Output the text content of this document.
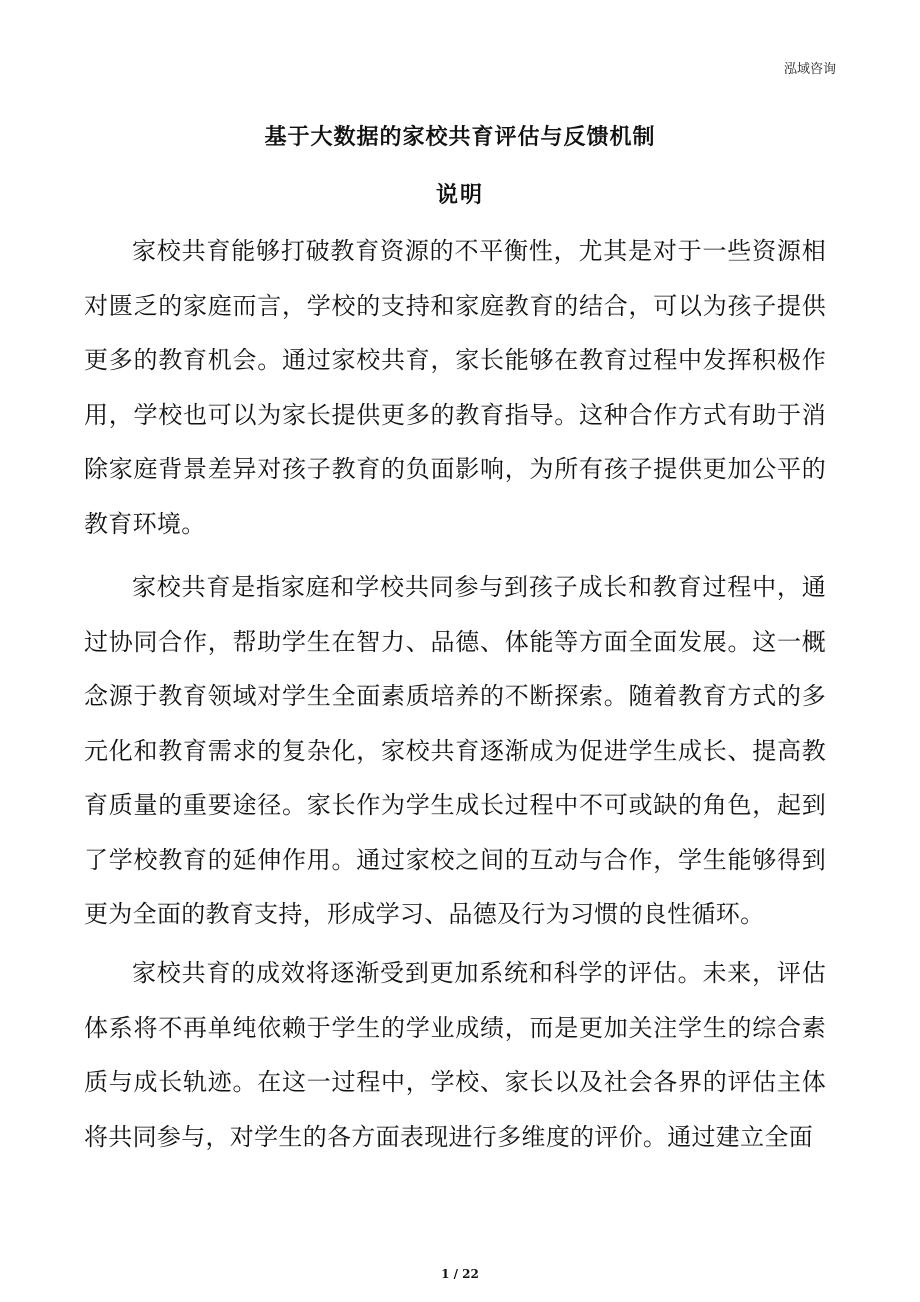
泓域咨询
基于大数据的家校共育评估与反馈机制
说明

家校共育能够打破教育资源的不平衡性，尤其是对于一些资源相对匮乏的家庭而言，学校的支持和家庭教育的结合，可以为孩子提供更多的教育机会。通过家校共育，家长能够在教育过程中发挥积极作用，学校也可以为家长提供更多的教育指导。这种合作方式有助于消除家庭背景差异对孩子教育的负面影响，为所有孩子提供更加公平的教育环境。

家校共育是指家庭和学校共同参与到孩子成长和教育过程中，通过协同合作，帮助学生在智力、品德、体能等方面全面发展。这一概念源于教育领域对学生全面素质培养的不断探索。随着教育方式的多元化和教育需求的复杂化，家校共育逐渐成为促进学生成长、提高教育质量的重要途径。家长作为学生成长过程中不可或缺的角色，起到了学校教育的延伸作用。通过家校之间的互动与合作，学生能够得到更为全面的教育支持，形成学习、品德及行为习惯的良性循环。

家校共育的成效将逐渐受到更加系统和科学的评估。未来，评估体系将不再单纯依赖于学生的学业成绩，而是更加关注学生的综合素质与成长轨迹。在这一过程中，学校、家长以及社会各界的评估主体将共同参与，对学生的各方面表现进行多维度的评价。通过建立全面

1 / 22
